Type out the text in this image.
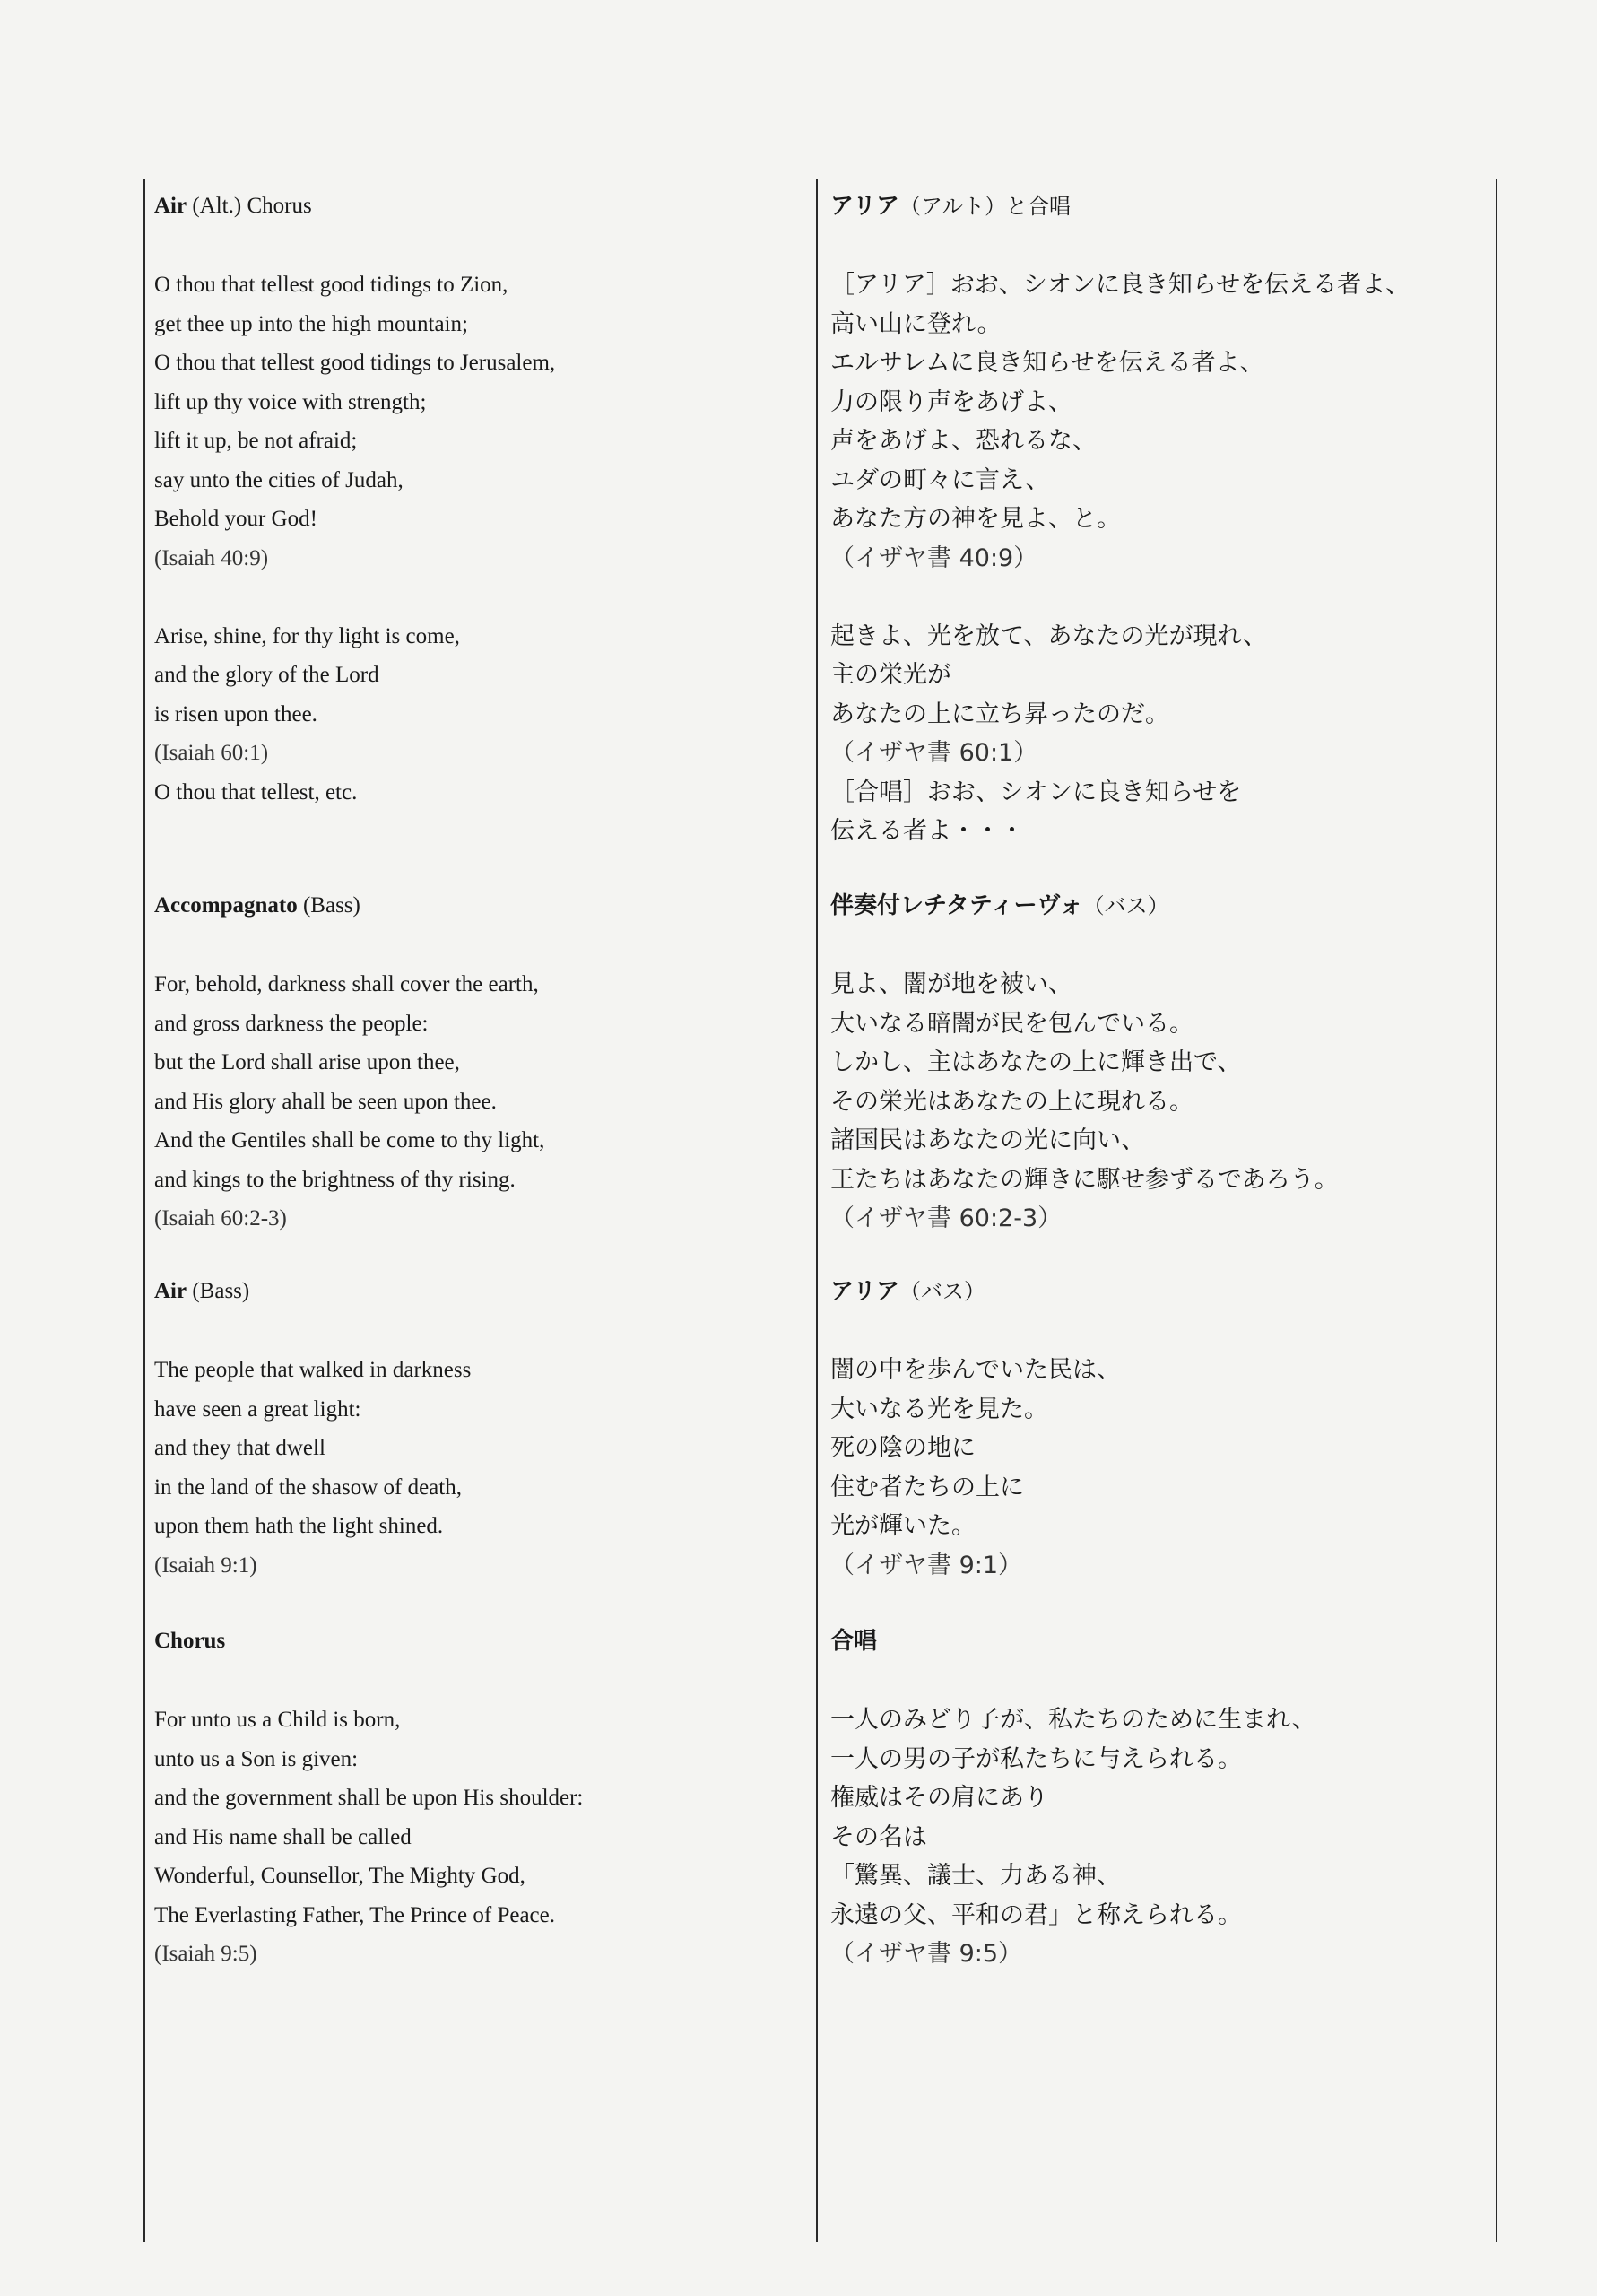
Air (Alt.) Chorus
O thou that tellest good tidings to Zion,
get thee up into the high mountain;
O thou that tellest good tidings to Jerusalem,
lift up thy voice with strength;
lift it up, be not afraid;
say unto the cities of Judah,
Behold your God!
(Isaiah 40:9)
Arise, shine, for thy light is come,
and the glory of the Lord
is risen upon thee.
(Isaiah 60:1)
O thou that tellest, etc.
Accompagnato (Bass)
For, behold, darkness shall cover the earth,
and gross darkness the people:
but the Lord shall arise upon thee,
and His glory ahall be seen upon thee.
And the Gentiles shall be come to thy light,
and kings to the brightness of thy rising.
(Isaiah 60:2-3)
Air (Bass)
The people that walked in darkness
have seen a great light:
and they that dwell
in the land of the shasow of death,
upon them hath the light shined.
(Isaiah 9:1)
Chorus
For unto us a Child is born,
unto us a Son is given:
and the government shall be upon His shoulder:
and His name shall be called
Wonderful, Counsellor, The Mighty God,
The Everlasting Father, The Prince of Peace.
(Isaiah 9:5)
アリア（アルト）と合唱
［アリア］おお、シオンに良き知らせを伝える者よ、
高い山に登れ。
エルサレムに良き知らせを伝える者よ、
力の限り声をあげよ、
声をあげよ、恐れるな、
ユダの町々に言え、
あなた方の神を見よ、と。
（イザヤ書 40:9）
起きよ、光を放て、あなたの光が現れ、
主の栄光が
あなたの上に立ち昇ったのだ。
（イザヤ書 60:1）
［合唱］おお、シオンに良き知らせを
伝える者よ・・・
伴奏付レチタティーヴォ（バス）
見よ、闇が地を被い、
大いなる暗闇が民を包んでいる。
しかし、主はあなたの上に輝き出で、
その栄光はあなたの上に現れる。
諸国民はあなたの光に向い、
王たちはあなたの輝きに駆せ参ずるであろう。
（イザヤ書 60:2-3）
アリア（バス）
闇の中を歩んでいた民は、
大いなる光を見た。
死の陰の地に
住む者たちの上に
光が輝いた。
（イザヤ書 9:1）
合唱
一人のみどり子が、私たちのために生まれ、
一人の男の子が私たちに与えられる。
権威はその肩にあり
その名は
「驚異、議士、力ある神、
永遠の父、平和の君」と称えられる。
（イザヤ書 9:5）
